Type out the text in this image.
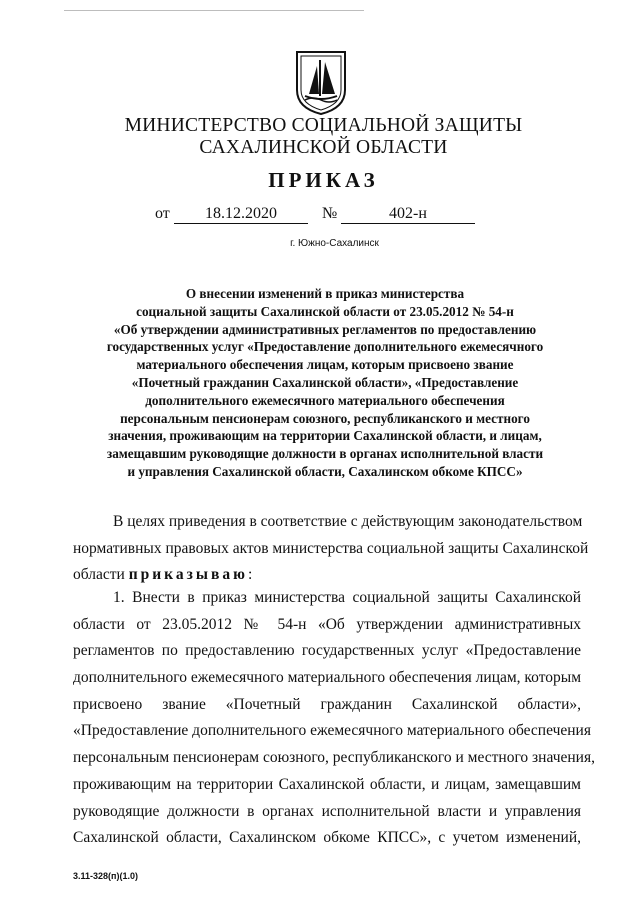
МИНИСТЕРСТВО СОЦИАЛЬНОЙ ЗАЩИТЫ
САХАЛИНСКОЙ ОБЛАСТИ
ПРИКАЗ
от	18.12.2020	№	402-н
г. Южно-Сахалинск
О внесении изменений в приказ министерства
социальной защиты Сахалинской области от 23.05.2012 № 54-н
«Об утверждении административных регламентов по предоставлению
государственных услуг «Предоставление дополнительного ежемесячного
материального обеспечения лицам, которым присвоено звание
«Почетный гражданин Сахалинской области», «Предоставление
дополнительного ежемесячного материального обеспечения
персональным пенсионерам союзного, республиканского и местного
значения, проживающим на территории Сахалинской области, и лицам,
замещавшим руководящие должности в органах исполнительной власти
и управления Сахалинской области, Сахалинском обкоме КПСС»
В целях приведения в соответствие с действующим законодательством
нормативных правовых актов министерства социальной защиты Сахалинской
области приказываю:
1. Внести в приказ министерства социальной защиты Сахалинской
области от 23.05.2012 № 54-н «Об утверждении административных
регламентов по предоставлению государственных услуг «Предоставление
дополнительного ежемесячного материального обеспечения лицам, которым
присвоено звание «Почетный гражданин Сахалинской области»,
«Предоставление дополнительного ежемесячного материального обеспечения
персональным пенсионерам союзного, республиканского и местного значения,
проживающим на территории Сахалинской области, и лицам, замещавшим
руководящие должности в органах исполнительной власти и управления
Сахалинской области, Сахалинском обкоме КПСС», с учетом изменений,
3.11-328(п)(1.0)
